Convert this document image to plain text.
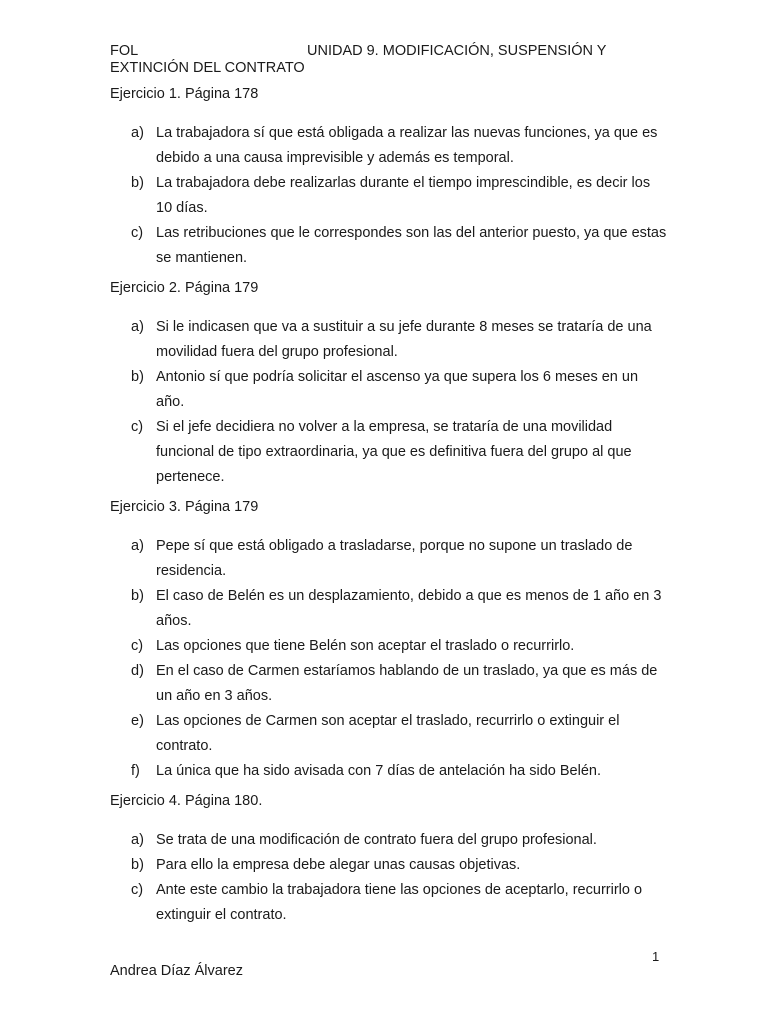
FOL	UNIDAD 9. MODIFICACIÓN, SUSPENSIÓN Y
EXTINCIÓN DEL CONTRATO
Ejercicio 1. Página 178
a) La trabajadora sí que está obligada a realizar las nuevas funciones, ya que es debido a una causa imprevisible y además es temporal.
b) La trabajadora debe realizarlas durante el tiempo imprescindible, es decir los 10 días.
c) Las retribuciones que le correspondes son las del anterior puesto, ya que estas se mantienen.
Ejercicio 2. Página 179
a) Si le indicasen que va a sustituir a su jefe durante 8 meses se trataría de una movilidad fuera del grupo profesional.
b) Antonio sí que podría solicitar el ascenso ya que supera los 6 meses en un año.
c) Si el jefe decidiera no volver a la empresa, se trataría de una movilidad funcional de tipo extraordinaria, ya que es definitiva fuera del grupo al que pertenece.
Ejercicio 3. Página 179
a) Pepe sí que está obligado a trasladarse, porque no supone un traslado de residencia.
b) El caso de Belén es un desplazamiento, debido a que es menos de 1 año en 3 años.
c) Las opciones que tiene Belén son aceptar el traslado o recurrirlo.
d) En el caso de Carmen estaríamos hablando de un traslado, ya que es más de un año en 3 años.
e) Las opciones de Carmen son aceptar el traslado, recurrirlo o extinguir el contrato.
f) La única que ha sido avisada con 7 días de antelación ha sido Belén.
Ejercicio 4. Página 180.
a) Se trata de una modificación de contrato fuera del grupo profesional.
b) Para ello la empresa debe alegar unas causas objetivas.
c) Ante este cambio la trabajadora tiene las opciones de aceptarlo, recurrirlo o extinguir el contrato.
1
Andrea Díaz Álvarez
